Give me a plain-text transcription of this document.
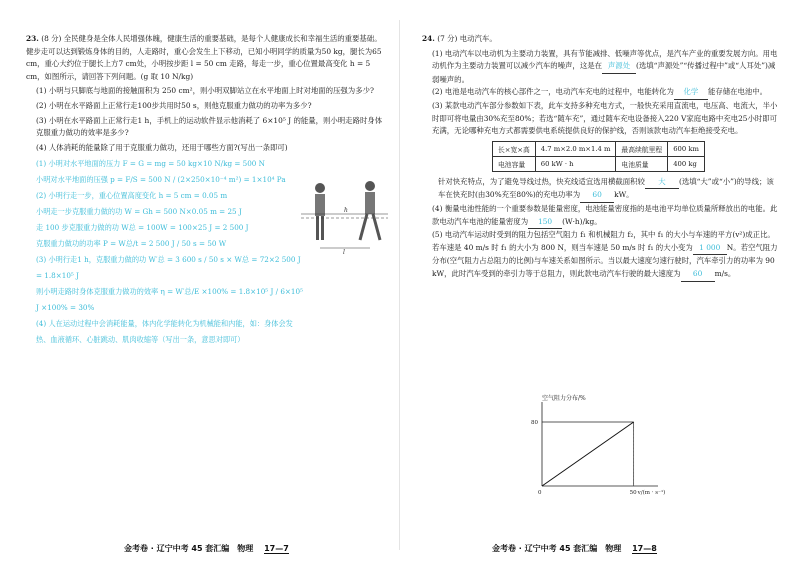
23. (8 分) 全民健身是全体人民增强体魄，健康生活的重要基础，是每个人健康成长和幸福生活的重要基础。健步走可以达到锻炼身体的目的，人走路时，重心会发生上下移动，已知小明同学的质量为50 kg，腿长为65 cm，重心大约位于腿长上方7 cm处，小明按步距 l = 50 cm 走路，每走一步，重心位置最高变化 h = 5 cm，如图所示，请回答下列问题。(g 取 10 N/kg)

(1) 小明与只脚底与地面的接触面积为 250 cm²，则小明双脚站立在水平地面上时对地面的压强为多少?

(2) 小明在水平路面上正常行走100步共用时50 s，则他克服重力做功的功率为多少?

(3) 小明在水平路面上正常行走1 h，手机上的运动软件显示他消耗了 6×10⁵ J 的能量，则小明走路时身体克服重力做功的效率是多少?

(4) 人体消耗的能量除了用于克服重力做功，还用于哪些方面?(写出一条即可)

(1) 小明对水平地面的压力 F = G = mg = 50 kg×10 N/kg = 500 N

小明对水平地面的压强 p = F/S = 500 N / (2×250×10⁻⁴ m²) = 1×10⁴ Pa

(2) 小明行走一步，重心位置高度变化 h = 5 cm = 0.05 m

小明走一步克服重力做的功 W = Gh = 500 N×0.05 m = 25 J

走 100 步克服重力做的功 W总 = 100W = 100×25 J = 2 500 J

克服重力做功的功率 P = W总/t = 2 500 J / 50 s = 50 W

(3) 小明行走1 h，克服重力做的功 W′总 = 3 600 s / 50 s × W总 = 72×2 500 J = 1.8×10⁵ J

则小明走路时身体克服重力做功的效率 η = W′总/E ×100% = 1.8×10⁵ J / 6×10⁵ J ×100% = 30%

(4) 人在运动过程中会消耗能量，体内化学能转化为机械能和内能，如：身体会发热、血液循环、心脏跳动、肌肉收缩等（写出一条，意思对即可）

金考卷 · 辽宁中考 45 套汇编　物理 17—7
h
l

24. (7 分) 电动汽车。

(1) 电动汽车以电动机为主要动力装置，具有节能减排、低噪声等优点，是汽车产业的重要发展方向。用电动机作为主要动力装置可以减少汽车的噪声，这是在 声源处 (选填“声源处”“传播过程中”或“人耳处”)减弱噪声的。

(2) 电池是电动汽车的核心部件之一，电动汽车充电的过程中，电能转化为 化学 能存储在电池中。

(3) 某款电动汽车部分参数如下表，此车支持多种充电方式，一般快充采用直流电，电压高、电流大，半小时即可将电量由30%充至80%；若选“随车充”，通过随车充电设备接入220 V家庭电路中充电25小时即可充满，无论哪种充电方式都需要供电系统提供良好的保护线，否则该款电动汽车拒绝接受充电。

长×宽×高	4.7 m×2.0 m×1.4 m	最高续航里程	600 km
电池容量	60 kW · h	电池质量	400 kg

针对快充特点，为了避免导线过热，快充线适宜选用横截面积较 大 (选填“大”或“小”)的导线；该车在快充时(由30%充至80%)的充电功率为 60 kW。

(4) 衡量电池性能的一个重要参数是能量密度，电池能量密度指的是电池平均单位质量所释放出的电能。此款电动汽车电池的能量密度为 150 (W·h)/kg。

(5) 电动汽车运动时受到的阻力包括空气阻力 f₁ 和机械阻力 f₂，其中 f₁ 的大小与车速的平方(v²)成正比。若车速是 40 m/s 时 f₁ 的大小为 800 N，则当车速是 50 m/s 时 f₁ 的大小变为 1 000 N。若空气阻力分布(空气阻力占总阻力的比例)与车速关系如图所示。当以最大速度匀速行驶时，汽车牵引力的功率为 90 kW，此时汽车受到的牵引力等于总阻力，则此款电动汽车行驶的最大速度为 60 m/s。

金考卷 · 辽宁中考 45 套汇编　物理 17—8
空气阻力分布/%
0	50
80
v/(m · s⁻¹)
